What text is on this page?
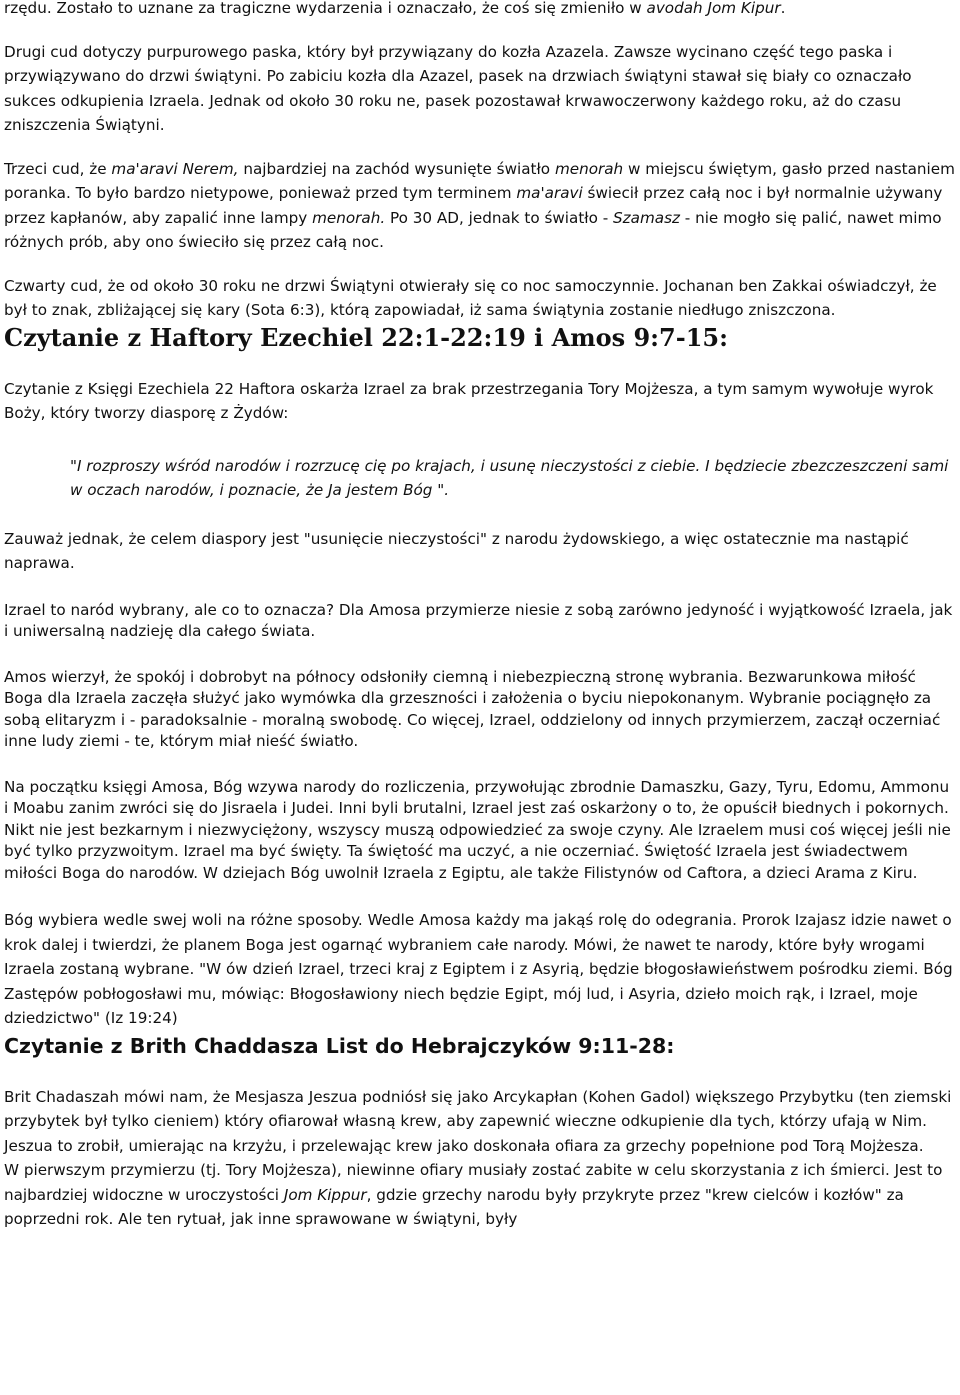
rzędu. Zostało to uznane za tragiczne wydarzenia i oznaczało, że coś się zmieniło w avodah Jom Kipur.

Drugi cud dotyczy purpurowego paska, który był przywiązany do kozła Azazela. Zawsze wycinano część tego paska i przywiązywano do drzwi świątyni. Po zabiciu kozła dla Azazel, pasek na drzwiach świątyni stawał się biały co oznaczało sukces odkupienia Izraela. Jednak od około 30 roku ne, pasek pozostawał krwawoczerwony każdego roku, aż do czasu zniszczenia Świątyni.

Trzeci cud, że ma'aravi Nerem, najbardziej na zachód wysunięte światło menorah w miejscu świętym, gasło przed nastaniem poranka. To było bardzo nietypowe, ponieważ przed tym terminem ma'aravi świecił przez całą noc i był normalnie używany przez kapłanów, aby zapalić inne lampy menorah. Po 30 AD, jednak to światło - Szamasz - nie mogło się palić, nawet mimo różnych prób, aby ono świeciło się przez całą noc.

Czwarty cud, że od około 30 roku ne drzwi Świątyni otwierały się co noc samoczynnie. Jochanan ben Zakkai oświadczył, że był to znak, zbliżającej się kary (Sota 6:3), którą zapowiadał, iż sama świątynia zostanie niedługo zniszczona.

Czytanie z Haftory Ezechiel 22:1-22:19 i Amos 9:7-15:

Czytanie z Księgi Ezechiela 22 Haftora oskarża Izrael za brak przestrzegania Tory Mojżesza, a tym samym wywołuje wyrok Boży, który tworzy diasporę z Żydów:

"I rozproszy wśród narodów i rozrzucę cię po krajach, i usunę nieczystości z ciebie. I będziecie zbezczeszczeni sami w oczach narodów, i poznacie, że Ja jestem Bóg ".

Zauważ jednak, że celem diaspory jest "usunięcie nieczystości" z narodu żydowskiego, a więc ostatecznie ma nastąpić naprawa.

Izrael to naród wybrany, ale co to oznacza? Dla Amosa przymierze niesie z sobą zarówno jedyność i wyjątkowość Izraela, jak i uniwersalną nadzieję dla całego świata.

Amos wierzył, że spokój i dobrobyt na północy odsłoniły ciemną i niebezpieczną stronę wybrania. Bezwarunkowa miłość Boga dla Izraela zaczęła służyć jako wymówka dla grzeszności i założenia o byciu niepokonanym. Wybranie pociągnęło za sobą elitaryzm i - paradoksalnie - moralną swobodę. Co więcej, Izrael, oddzielony od innych przymierzem, zaczął oczerniać inne ludy ziemi - te, którym miał nieść światło.

Na początku księgi Amosa, Bóg wzywa narody do rozliczenia, przywołując zbrodnie Damaszku, Gazy, Tyru, Edomu, Ammonu i Moabu zanim zwróci się do Jisraela i Judei. Inni byli brutalni, Izrael jest zaś oskarżony o to, że opuścił biednych i pokornych. Nikt nie jest bezkarnym i niezwyciężony, wszyscy muszą odpowiedzieć za swoje czyny. Ale Izraelem musi coś więcej jeśli nie być tylko przyzwoitym. Izrael ma być święty. Ta świętość ma uczyć, a nie oczerniać. Świętość Izraela jest świadectwem miłości Boga do narodów. W dziejach Bóg uwolnił Izraela z Egiptu, ale także Filistynów od Caftora, a dzieci Arama z Kiru.

Bóg wybiera wedle swej woli na różne sposoby. Wedle Amosa każdy ma jakąś rolę do odegrania. Prorok Izajasz idzie nawet o krok dalej i twierdzi, że planem Boga jest ogarnąć wybraniem całe narody. Mówi, że nawet te narody, które były wrogami Izraela zostaną wybrane. "W ów dzień Izrael, trzeci kraj z Egiptem i z Asyrią, będzie błogosławieństwem pośrodku ziemi. Bóg Zastępów pobłogosławi mu, mówiąc: Błogosławiony niech będzie Egipt, mój lud, i Asyria, dzieło moich rąk, i Izrael, moje dziedzictwo" (Iz 19:24)

Czytanie z Brith Chaddasza List do Hebrajczyków 9:11-28:

Brit Chadaszah mówi nam, że Mesjasza Jeszua podniósł się jako Arcykapłan (Kohen Gadol) większego Przybytku (ten ziemski przybytek był tylko cieniem) który ofiarował własną krew, aby zapewnić wieczne odkupienie dla tych, którzy ufają w Nim. Jeszua to zrobił, umierając na krzyżu, i przelewając krew jako doskonała ofiara za grzechy popełnione pod Torą Mojżesza.

W pierwszym przymierzu (tj. Tory Mojżesza), niewinne ofiary musiały zostać zabite w celu skorzystania z ich śmierci. Jest to najbardziej widoczne w uroczystości Jom Kippur, gdzie grzechy narodu były przykryte przez "krew cielców i kozłów" za poprzedni rok. Ale ten rytuał, jak inne sprawowane w świątyni, były
